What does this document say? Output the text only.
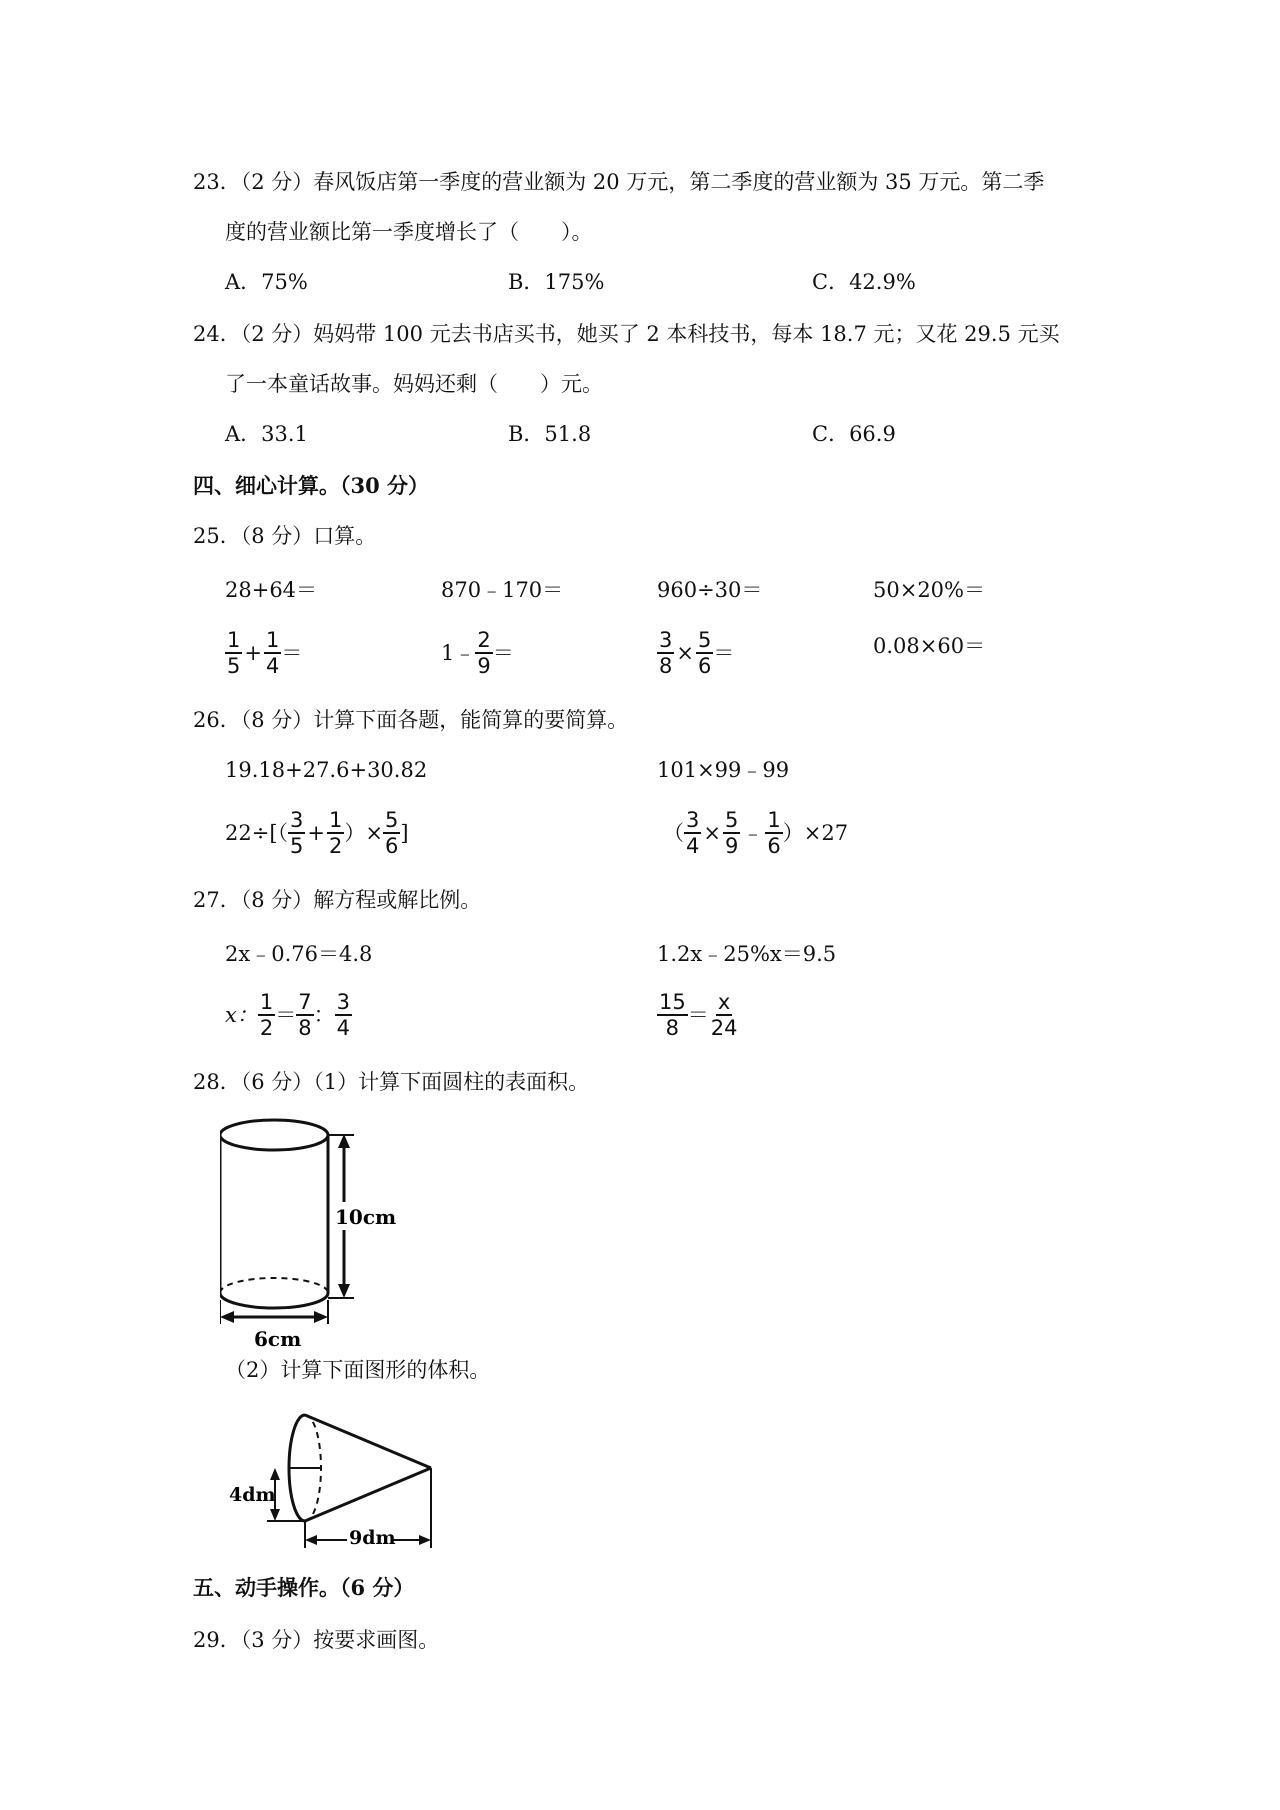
23．（2 分）春风饭店第一季度的营业额为 20 万元，第二季度的营业额为 35 万元。第二季
度的营业额比第一季度增长了（　　）。
A．75%	B．175%	C．42.9%
24．（2 分）妈妈带 100 元去书店买书，她买了 2 本科技书，每本 18.7 元；又花 29.5 元买
了一本童话故事。妈妈还剩（　　）元。
A．33.1	B．51.8	C．66.9
四、细心计算。（30 分）
25．（8 分）口算。
28+64＝	870﹣170＝	960÷30＝	50×20%＝
$\frac{1}{5} + \frac{1}{4}$ ＝	1﹣ $\frac{2}{9}$ ＝	$\frac{3}{8} \times \frac{5}{6}$ ＝	0.08×60＝
26．（8 分）计算下面各题，能简算的要简算。
19.18+27.6+30.82	101×99﹣99
$22\div[( \frac{3}{5} + \frac{1}{2}$ ）× $\frac{5}{6}$ ]	（ $\frac{3}{4} \times \frac{5}{9}$ ﹣ $\frac{1}{6} )\times 27$
27．（8 分）解方程或解比例。
2x﹣0.76＝4.8	1.2x﹣25%x＝9.5
x： $\frac{1}{2} = \frac{7}{8}$ ： $\frac{3}{4}$	$\frac{15}{8} = \frac{x}{24}$
28．（6 分）（1）计算下面圆柱的表面积。
10cm
6cm
（2）计算下面图形的体积。
4dm
9dm
五、动手操作。（6 分）
29．（3 分）按要求画图。
